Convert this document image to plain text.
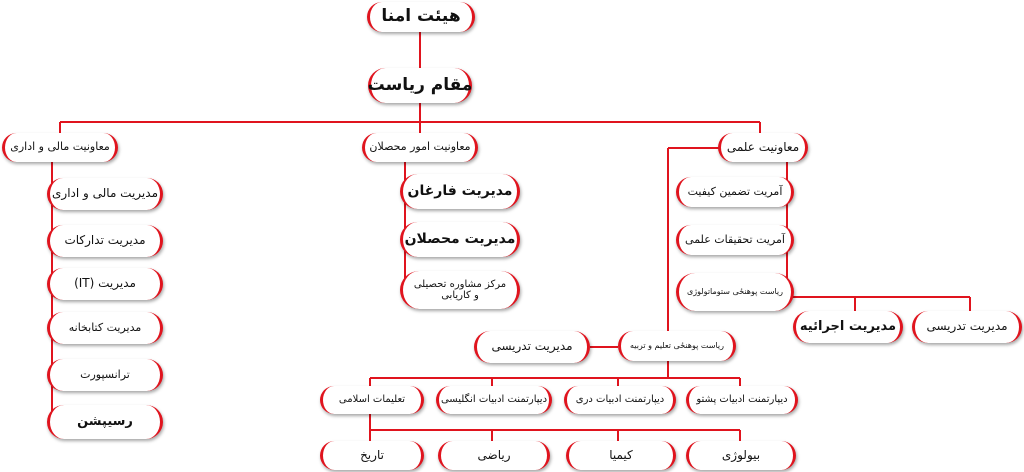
هیئت امنا
مقام ریاست
معاونیت مالی و اداری	معاونیت امور محصلان	معاونیت علمی
مدیریت مالی و اداری
مدیریت تدارکات
مدیریت (IT)
مدیریت کتابخانه
ترانسپورت
رسیپشن
مدیریت فارغان
مدیریت محصلان
مرکز مشاوره تحصیلی و کاریابی
آمریت تضمین کیفیت
آمریت تحقیقات علمی
ریاست پوهنځی ستوماتولوژی
مدیریت اجرائیه	مدیریت تدریسی
مدیریت تدریسی	ریاست پوهنځی تعلیم و تربیه
دیپارتمنت ادبیات پشتو
دیپارتمنت ادبیات دری
دیپارتمنت ادبیات انگلیسی
تعلیمات اسلامی
بیولوژی
کیمیا
ریاضی
تاریخ
